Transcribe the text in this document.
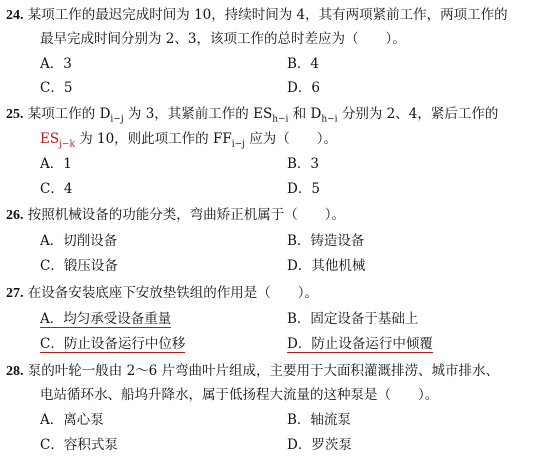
24. 某项工作的最迟完成时间为 10，持续时间为 4，其有两项紧前工作，两项工作的
最早完成时间分别为 2、3，该项工作的总时差应为（　　）。
A．3	B．4
C．5	D．6
25. 某项工作的 $D_{i-j}$ 为 3，其紧前工作的 $ES_{h-i}$ 和 $D_{h-i}$ 分别为 2、4，紧后工作的
$ES_{j-k}$ 为 10，则此项工作的 $FF_{i-j}$ 应为（　　）。
A．1	B．3
C．4	D．5
26. 按照机械设备的功能分类，弯曲矫正机属于（　　）。
A．切削设备	B．铸造设备
C．锻压设备	D．其他机械
27. 在设备安装底座下安放垫铁组的作用是（　　）。
A．均匀承受设备重量	B．固定设备于基础上
C．防止设备运行中位移	D．防止设备运行中倾覆
28. 泵的叶轮一般由 2～6 片弯曲叶片组成，主要用于大面积灌溉排涝、城市排水、
电站循环水、船坞升降水，属于低扬程大流量的这种泵是（　　）。
A．离心泵	B．轴流泵
C．容积式泵	D．罗茨泵
